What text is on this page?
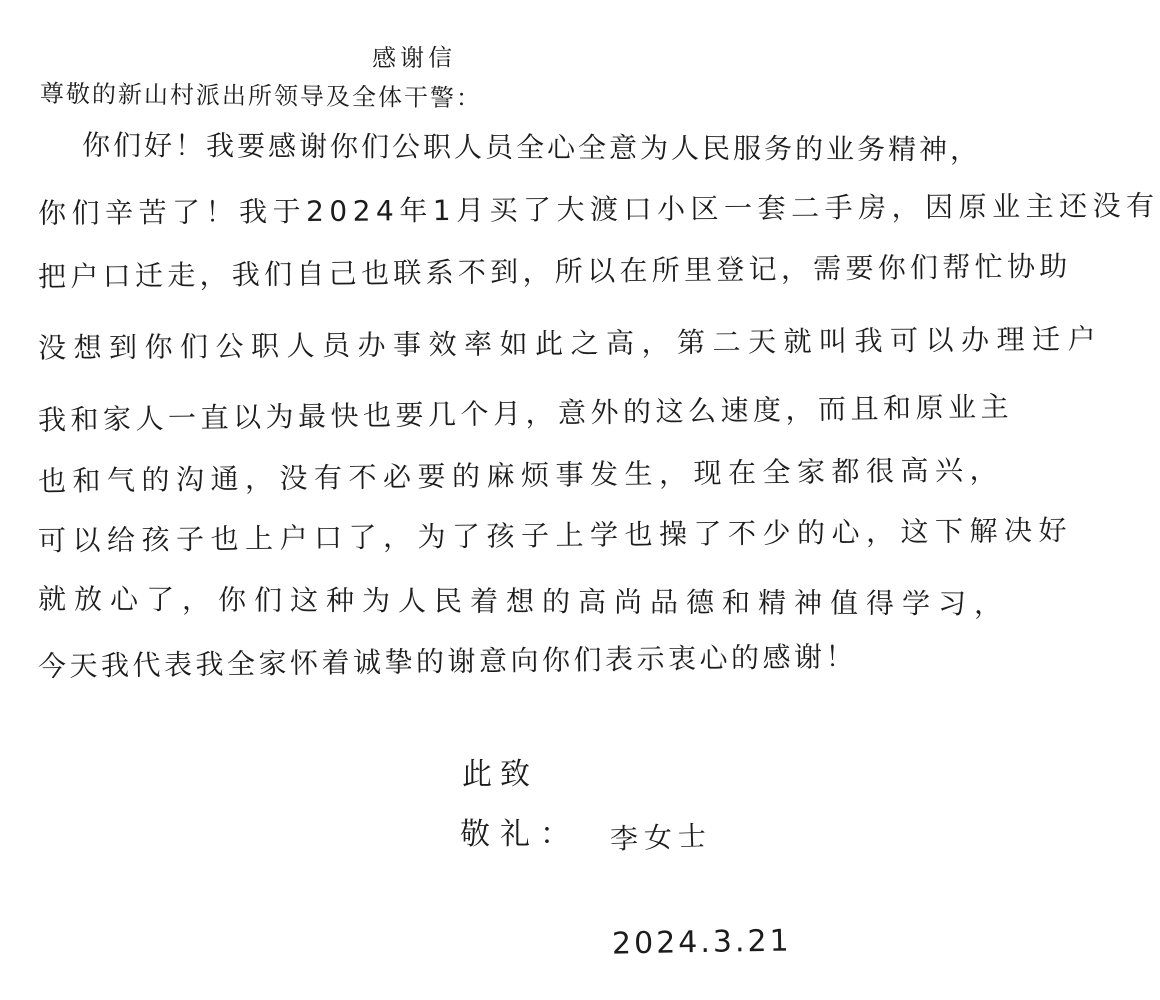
感谢信
尊敬的新山村派出所领导及全体干警：
你们好！我要感谢你们公职人员全心全意为人民服务的业务精神，
你们辛苦了！我于2024年1月买了大渡口小区一套二手房，因原业主还没有
把户口迁走，我们自己也联系不到，所以在所里登记，需要你们帮忙协助
没想到你们公职人员办事效率如此之高，第二天就叫我可以办理迁户
我和家人一直以为最快也要几个月，意外的这么速度，而且和原业主
也和气的沟通，没有不必要的麻烦事发生，现在全家都很高兴，
可以给孩子也上户口了，为了孩子上学也操了不少的心，这下解决好
就放心了，你们这种为人民着想的高尚品德和精神值得学习，
今天我代表我全家怀着诚挚的谢意向你们表示衷心的感谢！
此致
敬礼： 李女士
2024.3.21
